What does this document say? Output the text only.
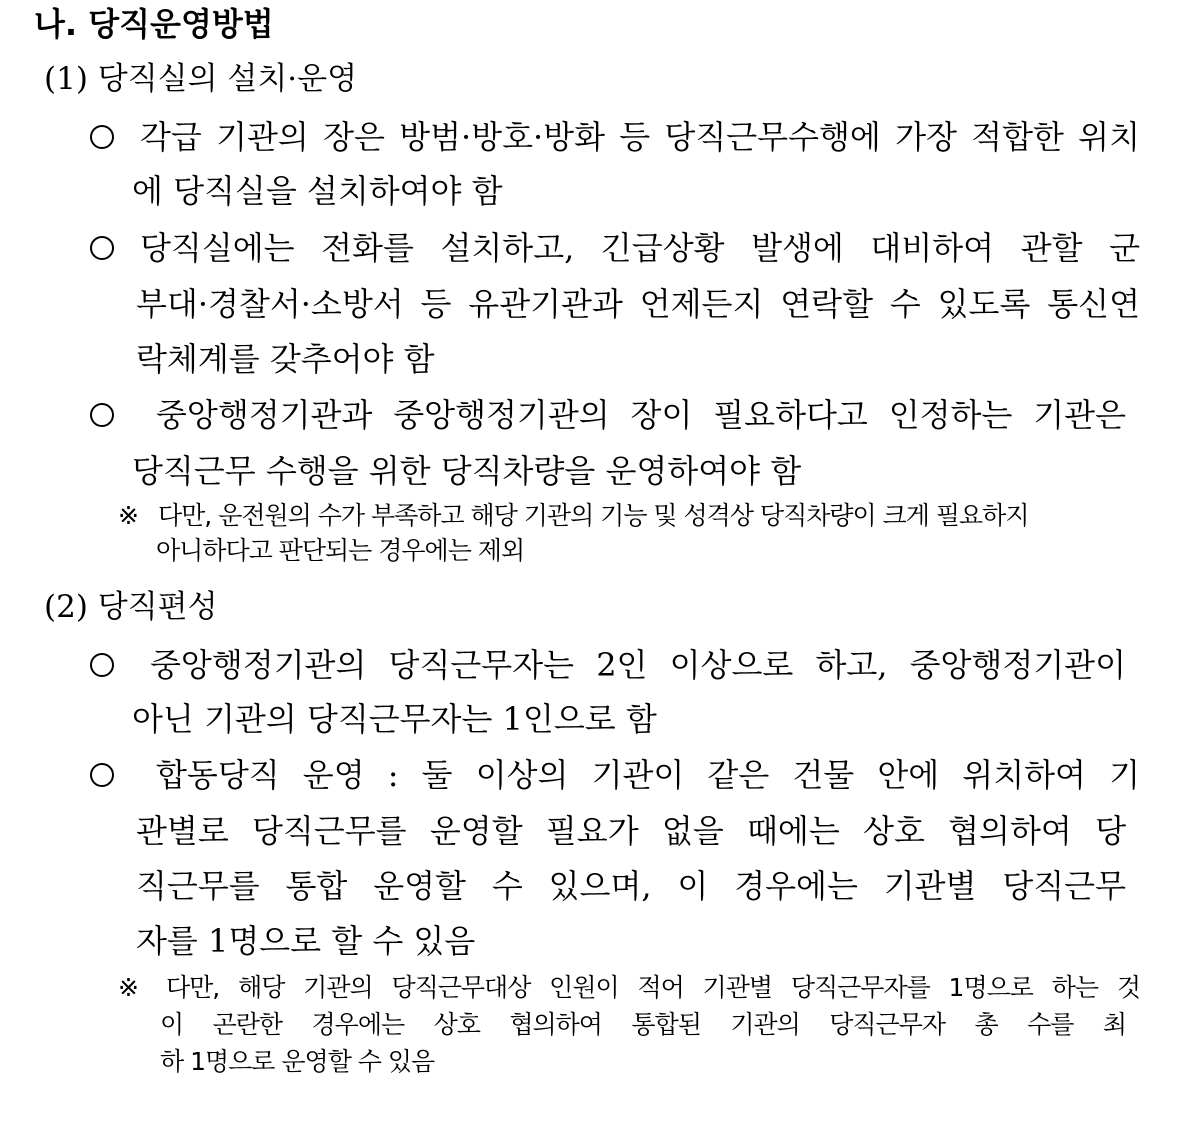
나. 당직운영방법
(1) 당직실의 설치·운영
각급 기관의 장은 방범·방호·방화 등 당직근무수행에 가장 적합한 위치
에 당직실을 설치하여야 함
당직실에는 전화를 설치하고, 긴급상황 발생에 대비하여 관할 군
부대·경찰서·소방서 등 유관기관과 언제든지 연락할 수 있도록 통신연
락체계를 갖추어야 함
중앙행정기관과 중앙행정기관의 장이 필요하다고 인정하는 기관은
당직근무 수행을 위한 당직차량을 운영하여야 함
※ 다만, 운전원의 수가 부족하고 해당 기관의 기능 및 성격상 당직차량이 크게 필요하지
아니하다고 판단되는 경우에는 제외
(2) 당직편성
중앙행정기관의 당직근무자는 2인 이상으로 하고, 중앙행정기관이
아닌 기관의 당직근무자는 1인으로 함
합동당직 운영 : 둘 이상의 기관이 같은 건물 안에 위치하여 기
관별로 당직근무를 운영할 필요가 없을 때에는 상호 협의하여 당
직근무를 통합 운영할 수 있으며, 이 경우에는 기관별 당직근무
자를 1명으로 할 수 있음
※ 다만, 해당 기관의 당직근무대상 인원이 적어 기관별 당직근무자를 1명으로 하는 것
이 곤란한 경우에는 상호 협의하여 통합된 기관의 당직근무자 총 수를 최
하 1명으로 운영할 수 있음
